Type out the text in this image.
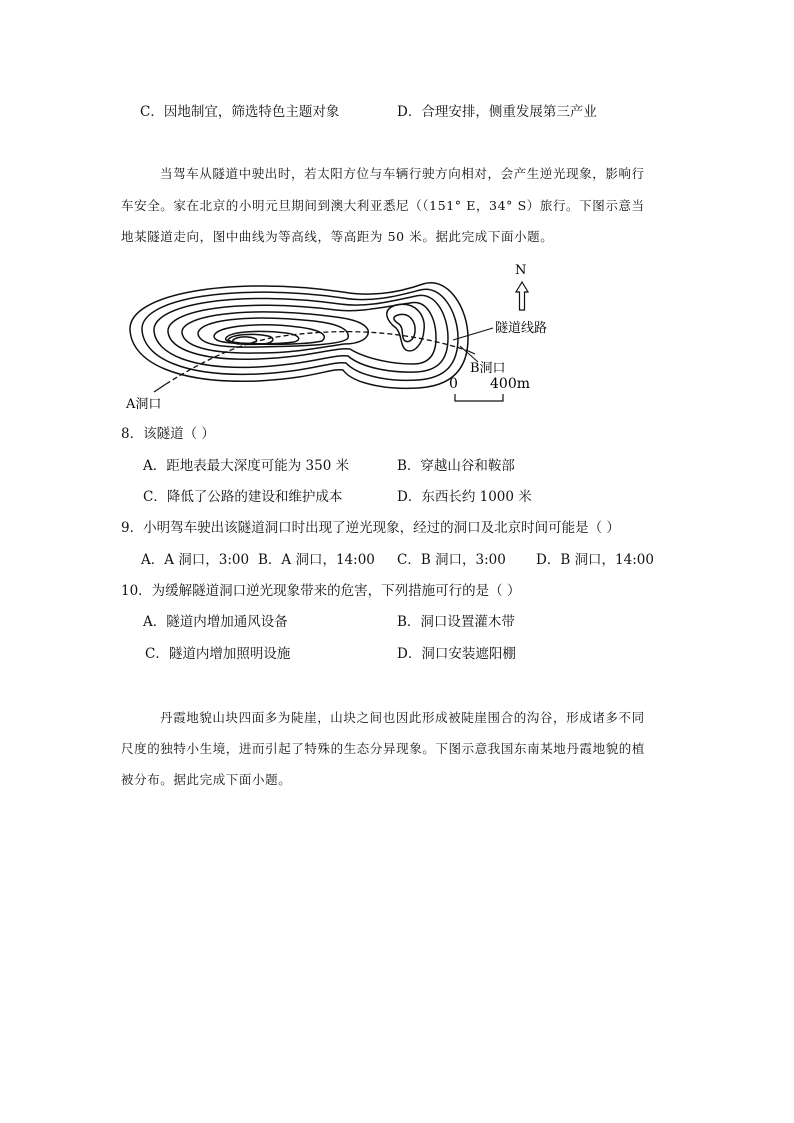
C．因地制宜，筛选特色主题对象	D．合理安排，侧重发展第三产业
当驾车从隧道中驶出时，若太阳方位与车辆行驶方向相对，会产生逆光现象，影响行
车安全。家在北京的小明元旦期间到澳大利亚悉尼（（151° E，34° S）旅行。下图示意当
地某隧道走向，图中曲线为等高线，等高距为 50 米。据此完成下面小题。
N
隧道线路
B洞口
A洞口
0 400m
8．该隧道（ ）
A．距地表最大深度可能为 350 米	B．穿越山谷和鞍部
C．降低了公路的建设和维护成本	D．东西长约 1000 米
9．小明驾车驶出该隧道洞口时出现了逆光现象，经过的洞口及北京时间可能是（ ）
A．A 洞口，3:00 B．A 洞口，14:00 C．B 洞口，3:00 D．B 洞口，14:00
10．为缓解隧道洞口逆光现象带来的危害，下列措施可行的是（ ）
A．隧道内增加通风设备	B．洞口设置灌木带
C．隧道内增加照明设施	D．洞口安装遮阳棚
丹霞地貌山块四面多为陡崖，山块之间也因此形成被陡崖围合的沟谷，形成诸多不同
尺度的独特小生境，进而引起了特殊的生态分异现象。下图示意我国东南某地丹霞地貌的植
被分布。据此完成下面小题。
